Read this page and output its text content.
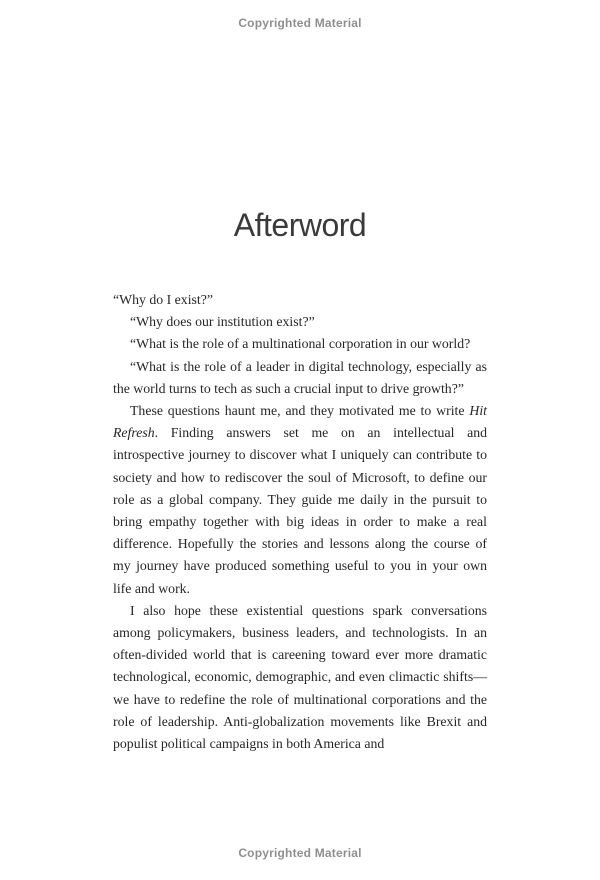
Copyrighted Material
Afterword

“Why do I exist?”

“Why does our institution exist?”

“What is the role of a multinational corporation in our world?

“What is the role of a leader in digital technology, especially as the world turns to tech as such a crucial input to drive growth?”

These questions haunt me, and they motivated me to write Hit Refresh. Finding answers set me on an intellectual and introspective journey to discover what I uniquely can contribute to society and how to rediscover the soul of Microsoft, to define our role as a global company. They guide me daily in the pursuit to bring empathy together with big ideas in order to make a real difference. Hopefully the stories and lessons along the course of my journey have produced something useful to you in your own life and work.

I also hope these existential questions spark conversations among policymakers, business leaders, and technologists. In an often-divided world that is careening toward ever more dramatic technological, economic, demographic, and even climactic shifts—we have to redefine the role of multinational corporations and the role of leadership. Anti-globalization movements like Brexit and populist political campaigns in both America and

Copyrighted Material
